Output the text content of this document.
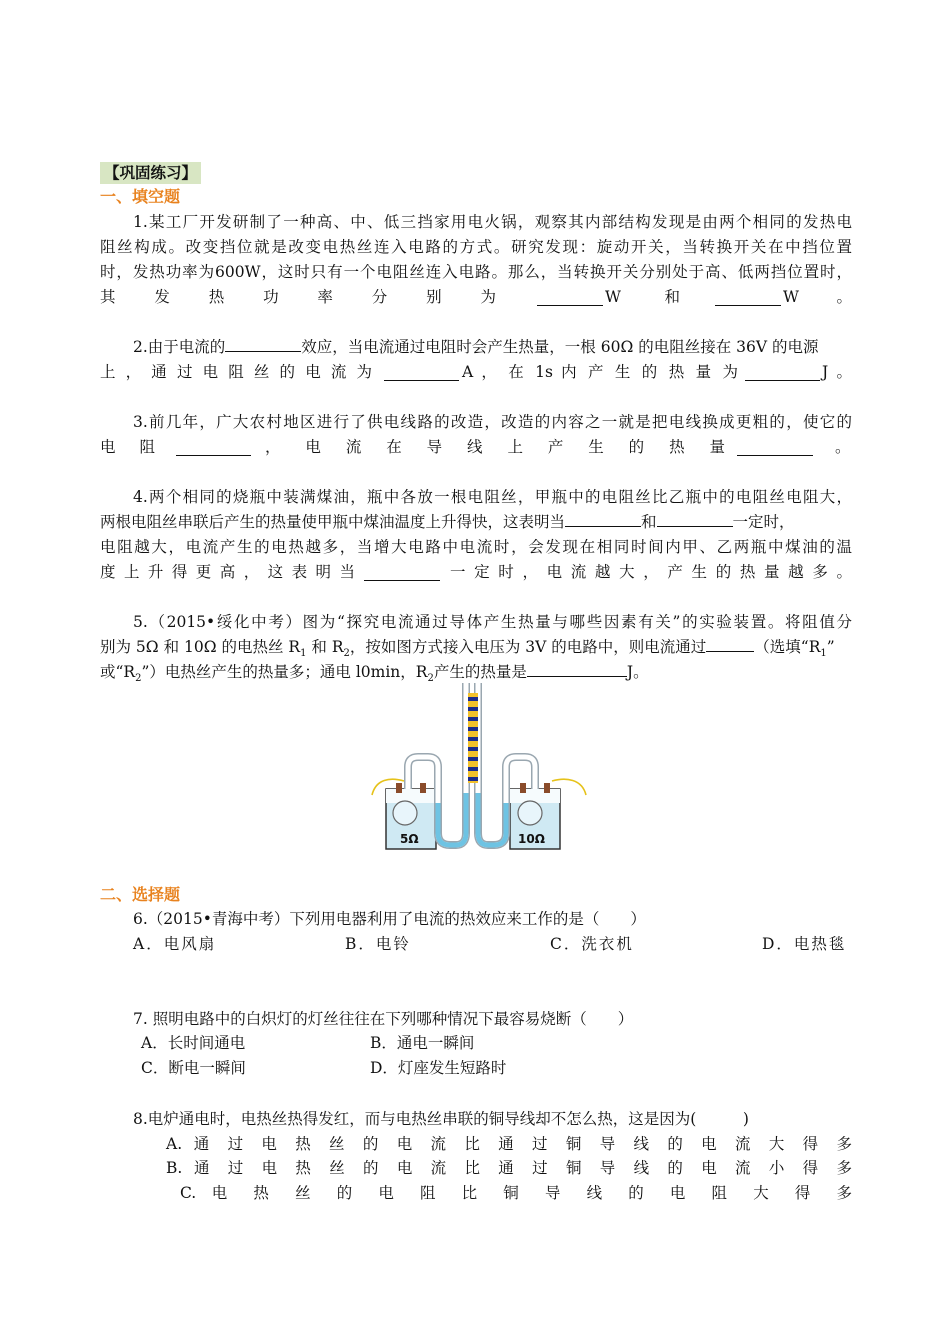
【巩固练习】
一、填空题
1.某工厂开发研制了一种高、中、低三挡家用电火锅，观察其内部结构发现是由两个相同的发热电
阻丝构成。改变挡位就是改变电热丝连入电路的方式。研究发现：旋动开关，当转换开关在中挡位置
时，发热功率为600W，这时只有一个电阻丝连入电路。那么，当转换开关分别处于高、低两挡位置时，
其 发 热 功 率 分 别 为	W 和	W 。
2.由于电流的	效应，当电流通过电阻时会产生热量，一根 60Ω 的电阻丝接在 36V 的电源
上 ， 通 过 电 阻 丝 的 电 流 为	A ， 在 1s 内 产 生 的 热 量 为	J 。
3.前几年，广大农村地区进行了供电线路的改造，改造的内容之一就是把电线换成更粗的，使它的
电 阻	， 电 流 在 导 线 上 产 生 的 热 量	。
4.两个相同的烧瓶中装满煤油，瓶中各放一根电阻丝，甲瓶中的电阻丝比乙瓶中的电阻丝电阻大，
两根电阻丝串联后产生的热量使甲瓶中煤油温度上升得快，这表明当	和	一定时，
电阻越大，电流产生的电热越多，当增大电路中电流时，会发现在相同时间内甲、乙两瓶中煤油的温
度 上 升 得 更 高 ， 这 表 明 当	一 定 时 ， 电 流 越 大 ， 产 生 的 热 量 越 多 。
5.（2015•绥化中考）图为“探究电流通过导体产生热量与哪些因素有关”的实验装置。将阻值分
别为 5Ω 和 10Ω 的电热丝 $R_1$ 和 $R_2$，按如图方式接入电压为 3V 的电路中，则电流通过	（选填“$R_1$”
或“$R_2$”）电热丝产生的热量多；通电 l0min，$R_2$产生的热量是	J。
5Ω	10Ω
二、选择题
6.（2015•青海中考）下列用电器利用了电流的热效应来工作的是（　　）
A．电风扇	B．电铃	C．洗衣机	D．电热毯
7. 照明电路中的白炽灯的灯丝往往在下列哪种情况下最容易烧断（　　）
A．长时间通电	B．通电一瞬间
C．断电一瞬间	D．灯座发生短路时
8.电炉通电时，电热丝热得发红，而与电热丝串联的铜导线却不怎么热，这是因为(　　　)
A. 通 过 电 热 丝 的 电 流 比 通 过 铜 导 线 的 电 流 大 得 多
B. 通 过 电 热 丝 的 电 流 比 通 过 铜 导 线 的 电 流 小 得 多
C. 电 热 丝 的 电 阻 比 铜 导 线 的 电 阻 大 得 多
